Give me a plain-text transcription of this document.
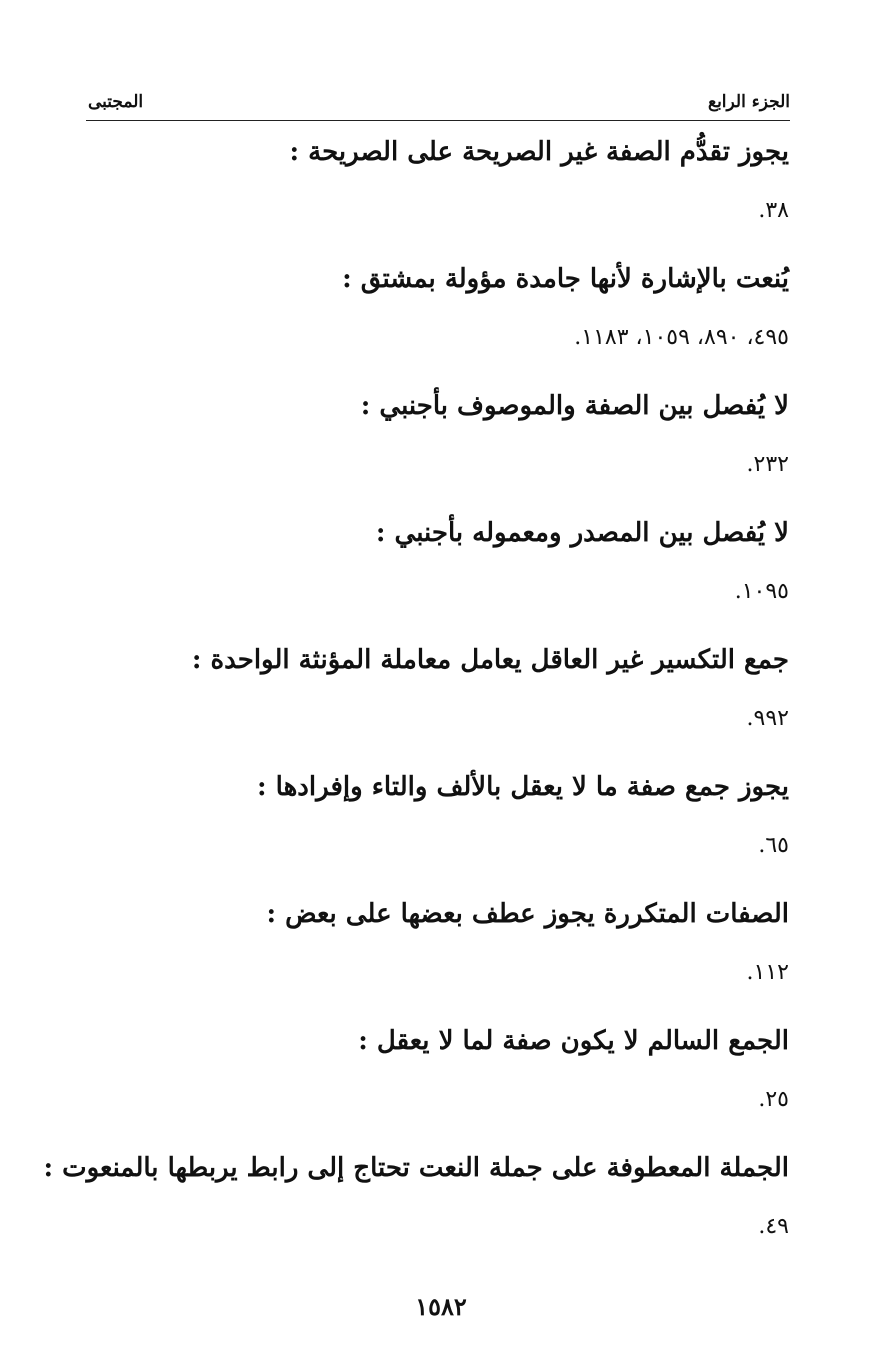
الجزء الرابع
المجتبى
يجوز تقدُّم الصفة غير الصريحة على الصريحة :
٣٨.
يُنعت بالإشارة لأنها جامدة مؤولة بمشتق :
٤٩٥، ٨٩٠، ١٠٥٩، ١١٨٣.
لا يُفصل بين الصفة والموصوف بأجنبي :
٢٣٢.
لا يُفصل بين المصدر ومعموله بأجنبي :
١٠٩٥.
جمع التكسير غير العاقل يعامل معاملة المؤنثة الواحدة :
٩٩٢.
يجوز جمع صفة ما لا يعقل بالألف والتاء وإفرادها :
٦٥.
الصفات المتكررة يجوز عطف بعضها على بعض :
١١٢.
الجمع السالم لا يكون صفة لما لا يعقل :
٢٥.
الجملة المعطوفة على جملة النعت تحتاج إلى رابط يربطها بالمنعوت :
٤٩.
١٥٨٢
